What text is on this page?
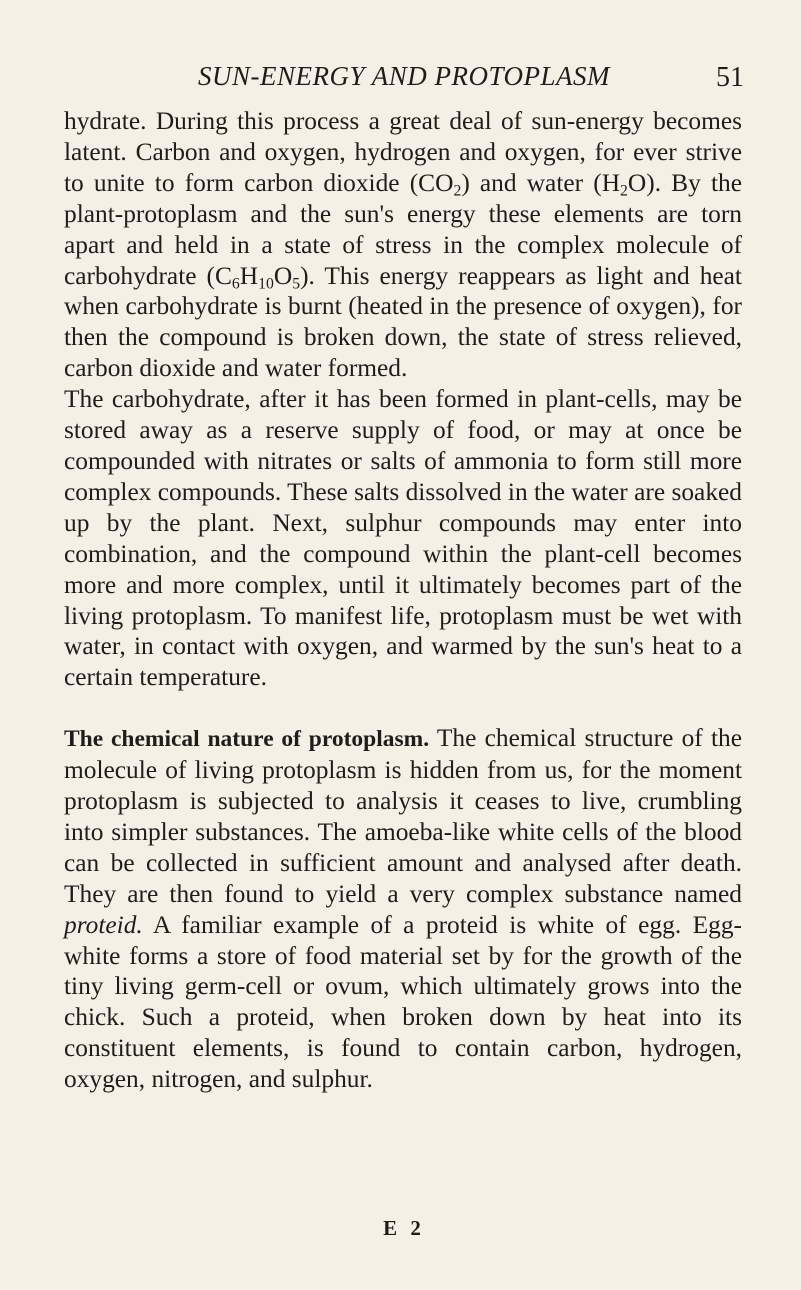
SUN-ENERGY AND PROTOPLASM	51

hydrate. During this process a great deal of sun-energy becomes latent. Carbon and oxygen, hydrogen and oxygen, for ever strive to unite to form carbon dioxide $(CO_2)$ and water $(H_2O)$. By the plant-protoplasm and the sun's energy these elements are torn apart and held in a state of stress in the complex molecule of carbohydrate $(C_6H_{10}O_5)$. This energy reappears as light and heat when carbohydrate is burnt (heated in the presence of oxygen), for then the compound is broken down, the state of stress relieved, carbon dioxide and water formed.

The carbohydrate, after it has been formed in plant-cells, may be stored away as a reserve supply of food, or may at once be compounded with nitrates or salts of ammonia to form still more complex compounds. These salts dissolved in the water are soaked up by the plant. Next, sulphur compounds may enter into combination, and the compound within the plant-cell becomes more and more complex, until it ultimately becomes part of the living protoplasm. To manifest life, protoplasm must be wet with water, in contact with oxygen, and warmed by the sun's heat to a certain temperature.

The chemical nature of protoplasm. The chemical structure of the molecule of living protoplasm is hidden from us, for the moment protoplasm is subjected to analysis it ceases to live, crumbling into simpler substances. The amoeba-like white cells of the blood can be collected in sufficient amount and analysed after death. They are then found to yield a very complex substance named proteid. A familiar example of a proteid is white of egg. Egg-white forms a store of food material set by for the growth of the tiny living germ-cell or ovum, which ultimately grows into the chick. Such a proteid, when broken down by heat into its constituent elements, is found to contain carbon, hydrogen, oxygen, nitrogen, and sulphur.

E 2
